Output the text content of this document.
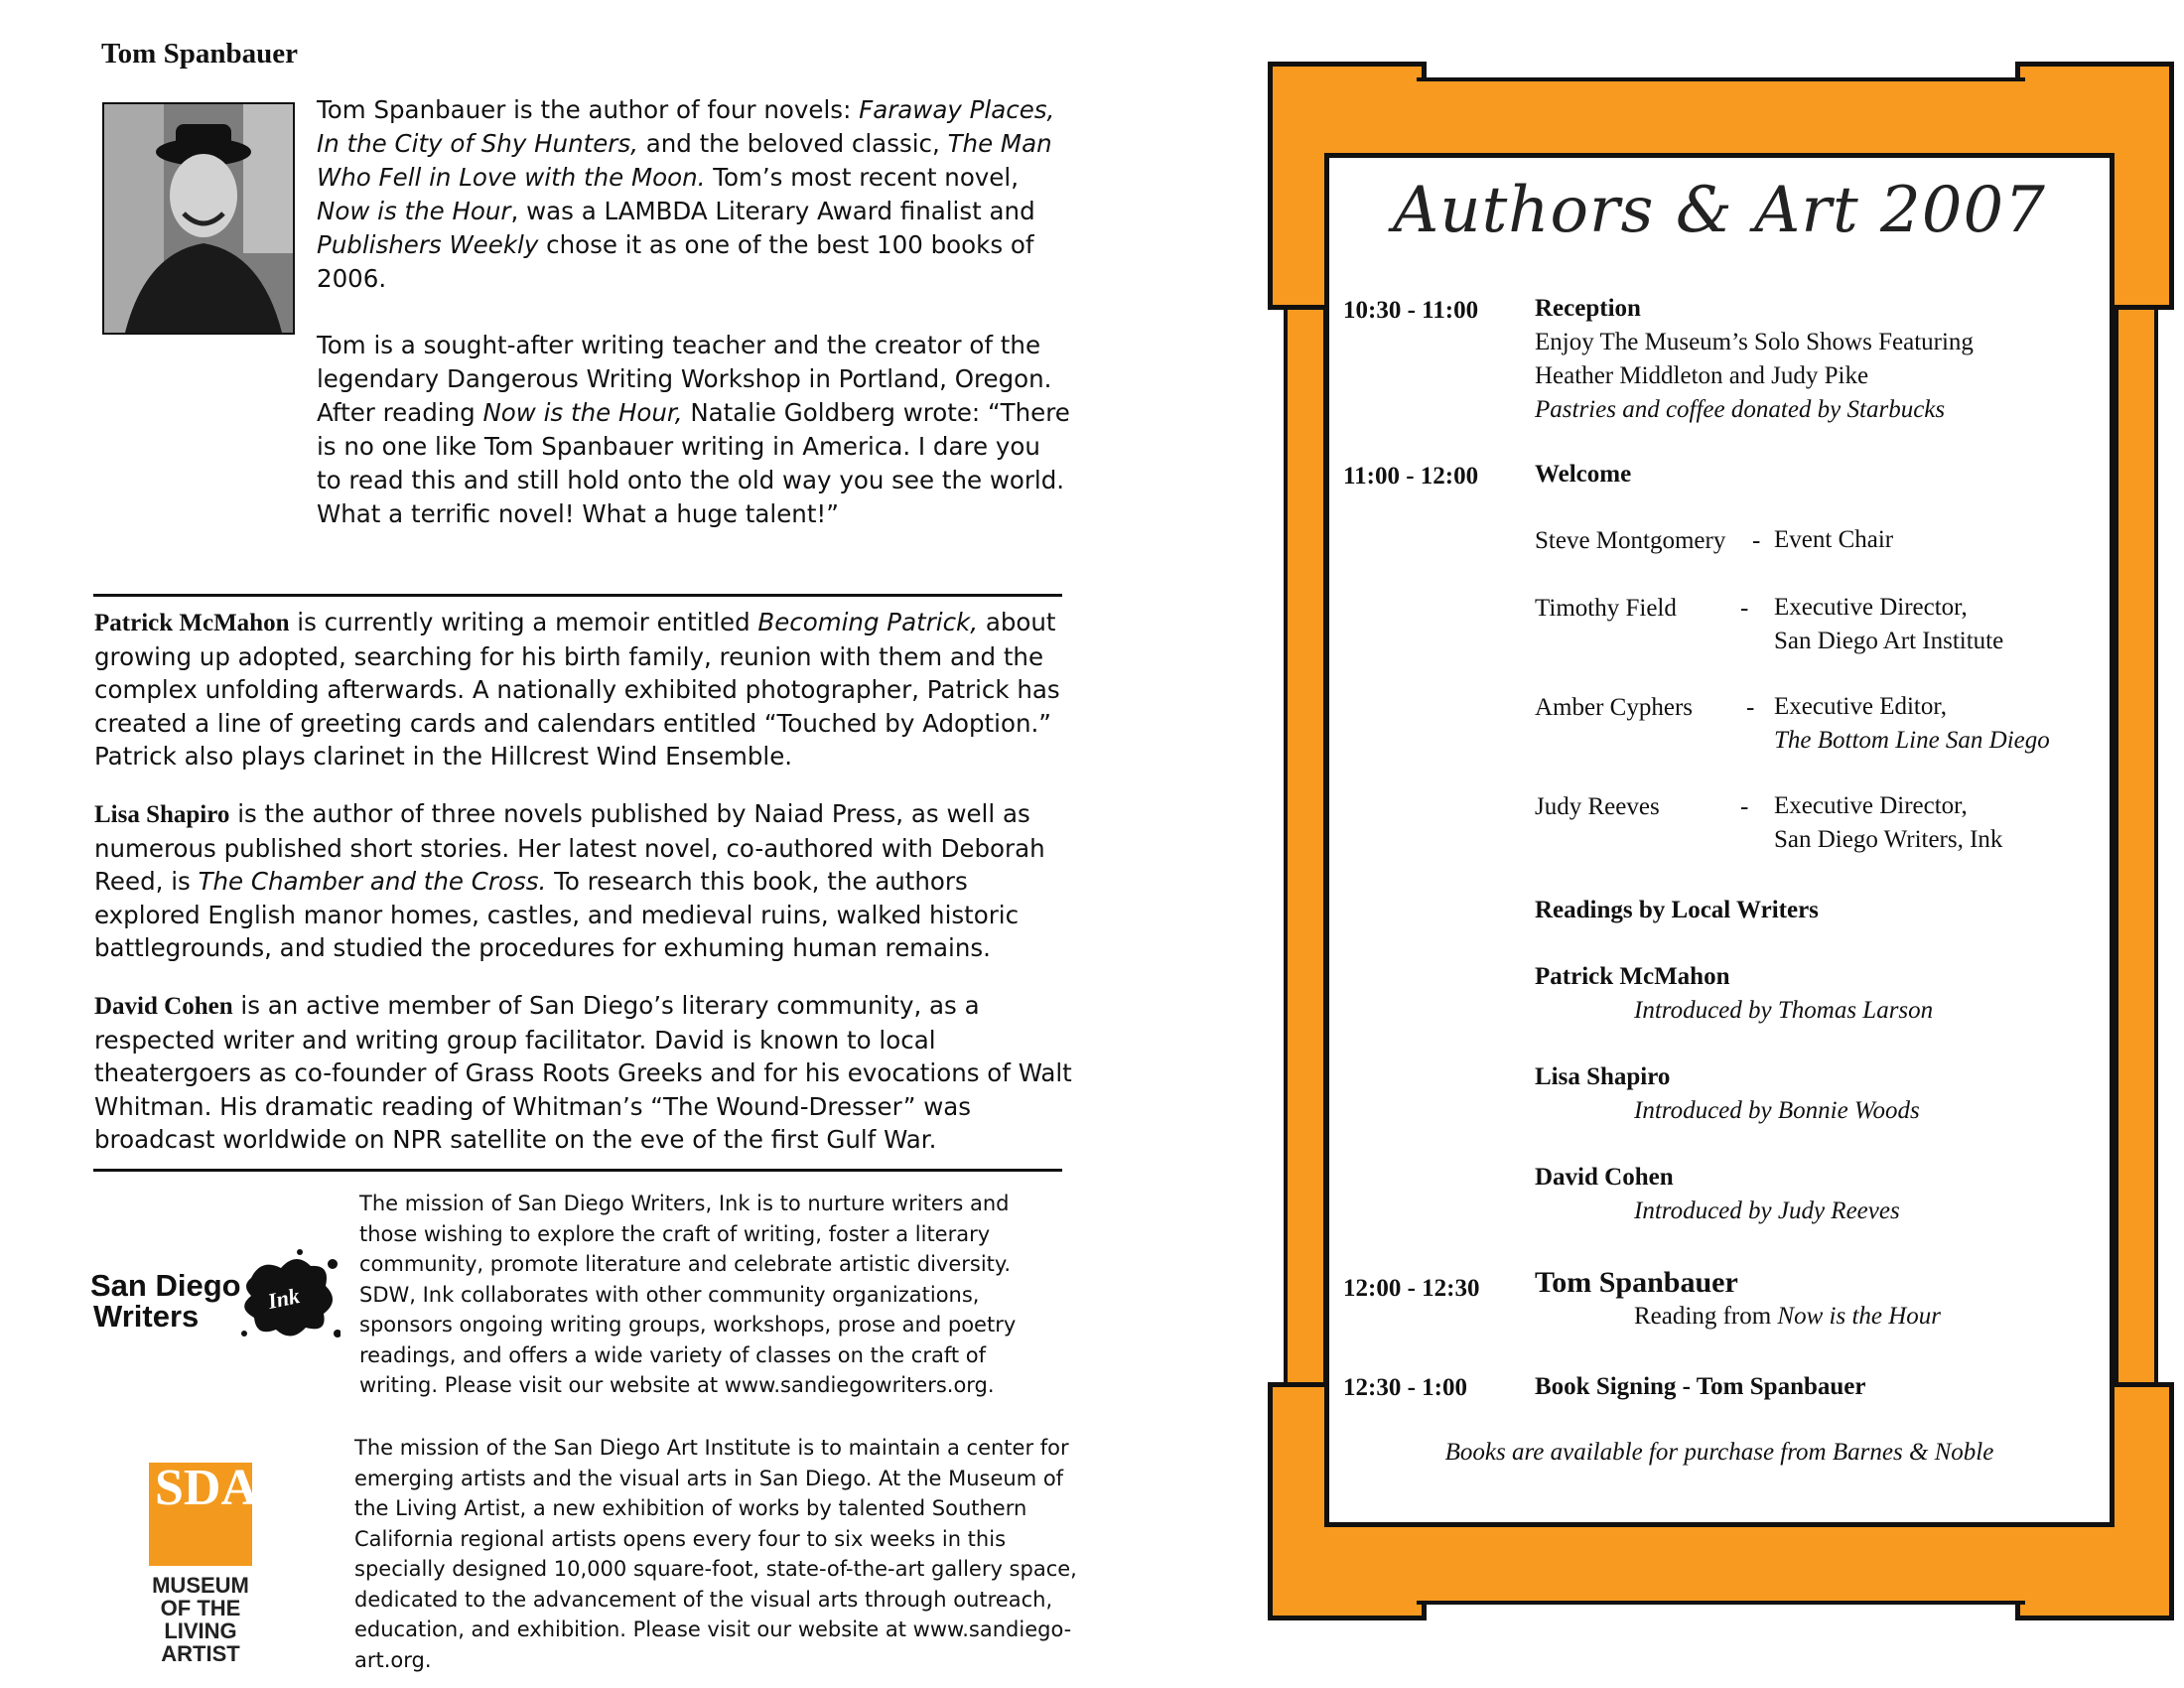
Tom Spanbauer

Tom Spanbauer is the author of four novels: Faraway Places, In the City of Shy Hunters, and the beloved classic, The Man Who Fell in Love with the Moon. Tom’s most recent novel, Now is the Hour, was a LAMBDA Literary Award finalist and Publishers Weekly chose it as one of the best 100 books of 2006.

Tom is a sought-after writing teacher and the creator of the legendary Dangerous Writing Workshop in Portland, Oregon. After reading Now is the Hour, Natalie Goldberg wrote: “There is no one like Tom Spanbauer writing in America. I dare you to read this and still hold onto the old way you see the world. What a terrific novel! What a huge talent!”

Patrick McMahon is currently writing a memoir entitled Becoming Patrick, about growing up adopted, searching for his birth family, reunion with them and the complex unfolding afterwards. A nationally exhibited photographer, Patrick has created a line of greeting cards and calendars entitled “Touched by Adoption.” Patrick also plays clarinet in the Hillcrest Wind Ensemble.
Lisa Shapiro is the author of three novels published by Naiad Press, as well as numerous published short stories. Her latest novel, co-authored with Deborah Reed, is The Chamber and the Cross. To research this book, the authors explored English manor homes, castles, and medieval ruins, walked historic battlegrounds, and studied the procedures for exhuming human remains.
David Cohen is an active member of San Diego’s literary community, as a respected writer and writing group facilitator. David is known to local theatergoers as co-founder of Grass Roots Greeks and for his evocations of Walt Whitman. His dramatic reading of Whitman’s “The Wound-Dresser” was broadcast worldwide on NPR satellite on the eve of the first Gulf War.
San Diego
Writers
Ink
The mission of San Diego Writers, Ink is to nurture writers and those wishing to explore the craft of writing, foster a literary community, promote literature and celebrate artistic diversity. SDW, Ink collaborates with other community organizations, sponsors ongoing writing groups, workshops, prose and poetry readings, and offers a wide variety of classes on the craft of writing. Please visit our website at www.sandiegowriters.org.
SDAI
MUSEUM OF THE LIVING ARTIST
The mission of the San Diego Art Institute is to maintain a center for emerging artists and the visual arts in San Diego. At the Museum of the Living Artist, a new exhibition of works by talented Southern California regional artists opens every four to six weeks in this specially designed 10,000 square-foot, state-of-the-art gallery space, dedicated to the advancement of the visual arts through outreach, education, and exhibition. Please visit our website at www.sandiego-art.org.
Authors & Art 2007
10:30 - 11:00 Reception
Enjoy The Museum’s Solo Shows Featuring
Heather Middleton and Judy Pike
Pastries and coffee donated by Starbucks
11:00 - 12:00 Welcome
Steve Montgomery - Event Chair
Timothy Field	- Executive Director,
San Diego Art Institute
Amber Cyphers - Executive Editor,
The Bottom Line San Diego
Judy Reeves	- Executive Director,
San Diego Writers, Ink
Readings by Local Writers
Patrick McMahon
Introduced by Thomas Larson
Lisa Shapiro
Introduced by Bonnie Woods
David Cohen
Introduced by Judy Reeves
12:00 - 12:30 Tom Spanbauer
Reading from Now is the Hour
12:30 - 1:00	Book Signing - Tom Spanbauer
Books are available for purchase from Barnes & Noble
